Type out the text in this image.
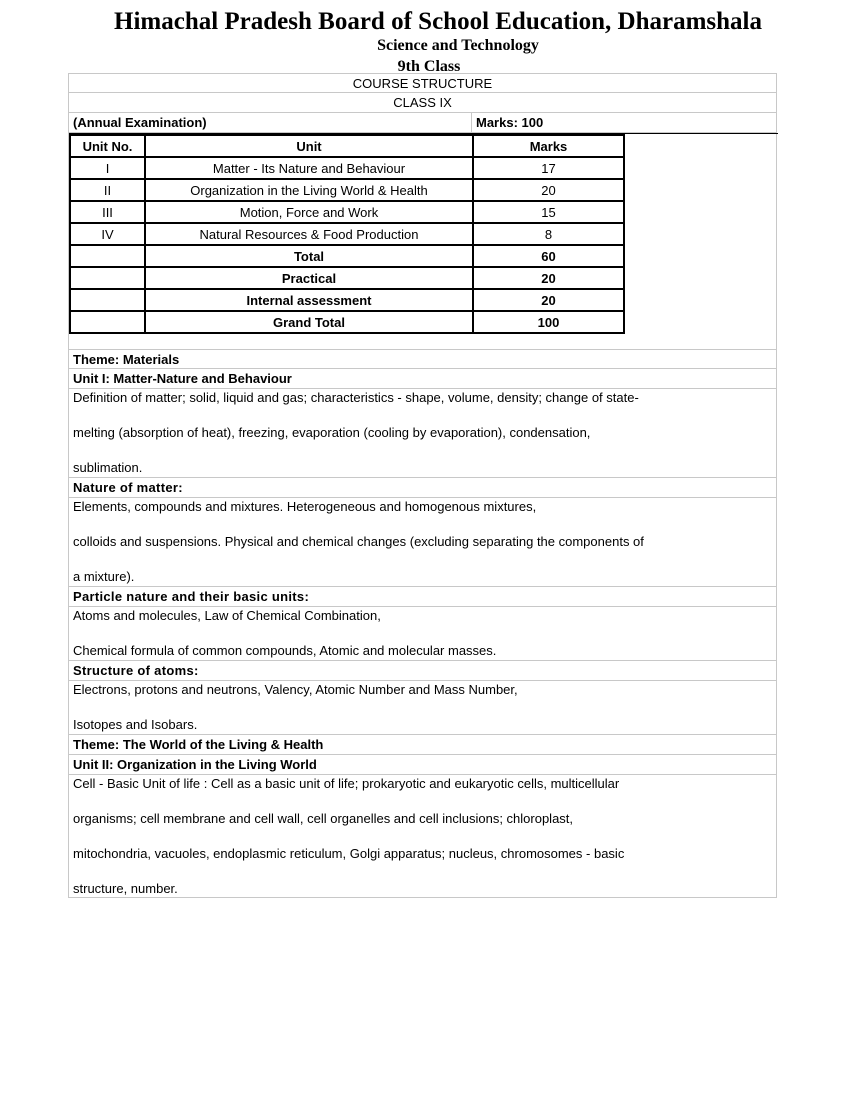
Himachal Pradesh Board of School Education, Dharamshala
Science and Technology
9th Class
COURSE STRUCTURE
CLASS IX
(Annual Examination)	Marks: 100
Unit No.	Unit	Marks
I	Matter - Its Nature and Behaviour	17
II	Organization in the Living World & Health	20
III	Motion, Force and Work	15
IV	Natural Resources & Food Production	8
	Total	60
	Practical	20
	Internal assessment	20
	Grand Total	100
Theme: Materials
Unit I: Matter-Nature and Behaviour
Definition of matter; solid, liquid and gas; characteristics - shape, volume, density; change of state-
melting (absorption of heat), freezing, evaporation (cooling by evaporation), condensation,
sublimation.
Nature of matter:
Elements, compounds and mixtures. Heterogeneous and homogenous mixtures,
colloids and suspensions. Physical and chemical changes (excluding separating the components of
a mixture).
Particle nature and their basic units:
Atoms and molecules, Law of Chemical Combination,
Chemical formula of common compounds, Atomic and molecular masses.
Structure of atoms:
Electrons, protons and neutrons, Valency, Atomic Number and Mass Number,
Isotopes and Isobars.
Theme: The World of the Living & Health
Unit II: Organization in the Living World
Cell - Basic Unit of life : Cell as a basic unit of life; prokaryotic and eukaryotic cells, multicellular
organisms; cell membrane and cell wall, cell organelles and cell inclusions; chloroplast,
mitochondria, vacuoles, endoplasmic reticulum, Golgi apparatus; nucleus, chromosomes - basic
structure, number.
